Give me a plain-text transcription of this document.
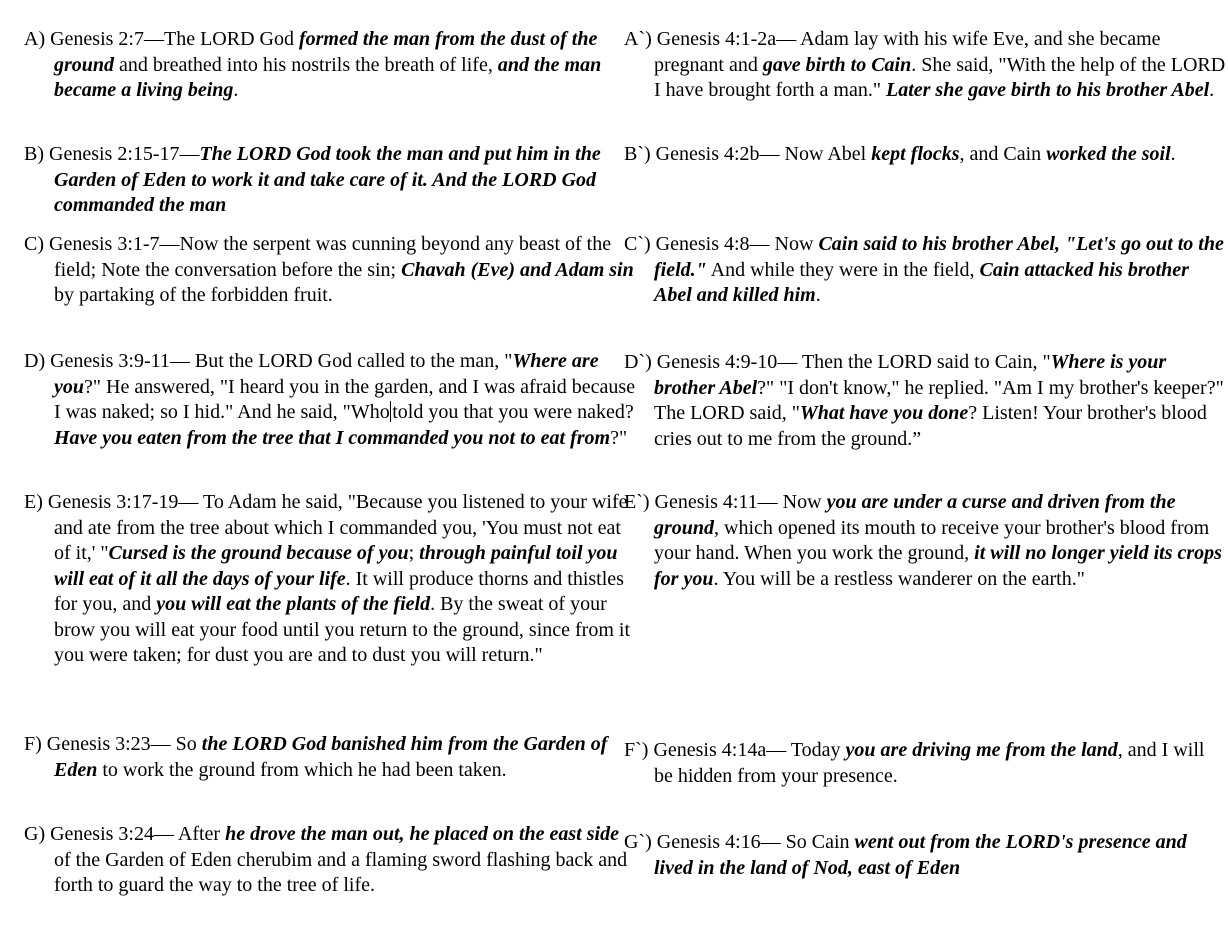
A) Genesis 2:7—The LORD God formed the man from the dust of the ground and breathed into his nostrils the breath of life, and the man became a living being.

B) Genesis 2:15-17—The LORD God took the man and put him in the Garden of Eden to work it and take care of it. And the LORD God commanded the man

C) Genesis 3:1-7—Now the serpent was cunning beyond any beast of the field; Note the conversation before the sin; Chavah (Eve) and Adam sin by partaking of the forbidden fruit.

D) Genesis 3:9-11— But the LORD God called to the man, "Where are you?" He answered, "I heard you in the garden, and I was afraid because I was naked; so I hid." And he said, "Who told you that you were naked? Have you eaten from the tree that I commanded you not to eat from?"

E) Genesis 3:17-19— To Adam he said, "Because you listened to your wife and ate from the tree about which I commanded you, 'You must not eat of it,' "Cursed is the ground because of you; through painful toil you will eat of it all the days of your life. It will produce thorns and thistles for you, and you will eat the plants of the field. By the sweat of your brow you will eat your food until you return to the ground, since from it you were taken; for dust you are and to dust you will return."

F) Genesis 3:23— So the LORD God banished him from the Garden of Eden to work the ground from which he had been taken.

G) Genesis 3:24— After he drove the man out, he placed on the east side of the Garden of Eden cherubim and a flaming sword flashing back and forth to guard the way to the tree of life.

A`) Genesis 4:1-2a— Adam lay with his wife Eve, and she became pregnant and gave birth to Cain. She said, "With the help of the LORD I have brought forth a man." Later she gave birth to his brother Abel.

B`) Genesis 4:2b— Now Abel kept flocks, and Cain worked the soil.

C`) Genesis 4:8— Now Cain said to his brother Abel, "Let's go out to the field." And while they were in the field, Cain attacked his brother Abel and killed him.

D`) Genesis 4:9-10— Then the LORD said to Cain, "Where is your brother Abel?" "I don't know," he replied. "Am I my brother's keeper?" The LORD said, "What have you done? Listen! Your brother's blood cries out to me from the ground.”

E`) Genesis 4:11— Now you are under a curse and driven from the ground, which opened its mouth to receive your brother's blood from your hand. When you work the ground, it will no longer yield its crops for you. You will be a restless wanderer on the earth."

F`) Genesis 4:14a— Today you are driving me from the land, and I will be hidden from your presence.

G`) Genesis 4:16— So Cain went out from the LORD's presence and lived in the land of Nod, east of Eden
